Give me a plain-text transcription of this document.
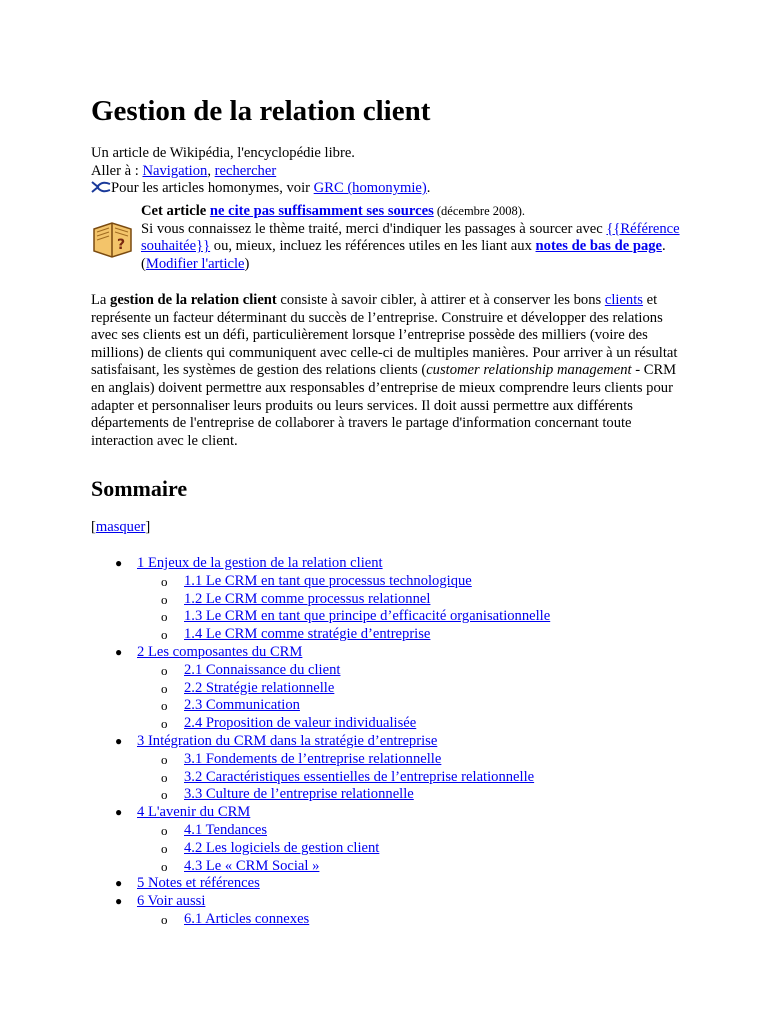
Gestion de la relation client
Un article de Wikipédia, l'encyclopédie libre.
Aller à : Navigation, rechercher
Pour les articles homonymes, voir GRC (homonymie).
?
Cet article ne cite pas suffisamment ses sources (décembre 2008).
Si vous connaissez le thème traité, merci d'indiquer les passages à sourcer avec {{Référence souhaitée}} ou, mieux, incluez les références utiles en les liant aux notes de bas de page. (Modifier l'article)

La gestion de la relation client consiste à savoir cibler, à attirer et à conserver les bons clients et représente un facteur déterminant du succès de l’entreprise. Construire et développer des relations avec ses clients est un défi, particulièrement lorsque l’entreprise possède des milliers (voire des millions) de clients qui communiquent avec celle-ci de multiples manières. Pour arriver à un résultat satisfaisant, les systèmes de gestion des relations clients (customer relationship management - CRM en anglais) doivent permettre aux responsables d’entreprise de mieux comprendre leurs clients pour adapter et personnaliser leurs produits ou leurs services. Il doit aussi permettre aux différents départements de l'entreprise de collaborer à travers le partage d'information concernant toute interaction avec le client.

Sommaire
[masquer]
● 1 Enjeux de la gestion de la relation client
o 1.1 Le CRM en tant que processus technologique
o 1.2 Le CRM comme processus relationnel
o 1.3 Le CRM en tant que principe d’efficacité organisationnelle
o 1.4 Le CRM comme stratégie d’entreprise
● 2 Les composantes du CRM
o 2.1 Connaissance du client
o 2.2 Stratégie relationnelle
o 2.3 Communication
o 2.4 Proposition de valeur individualisée
● 3 Intégration du CRM dans la stratégie d’entreprise
o 3.1 Fondements de l’entreprise relationnelle
o 3.2 Caractéristiques essentielles de l’entreprise relationnelle
o 3.3 Culture de l’entreprise relationnelle
● 4 L'avenir du CRM
o 4.1 Tendances
o 4.2 Les logiciels de gestion client
o 4.3 Le « CRM Social »
● 5 Notes et références
● 6 Voir aussi
o 6.1 Articles connexes
